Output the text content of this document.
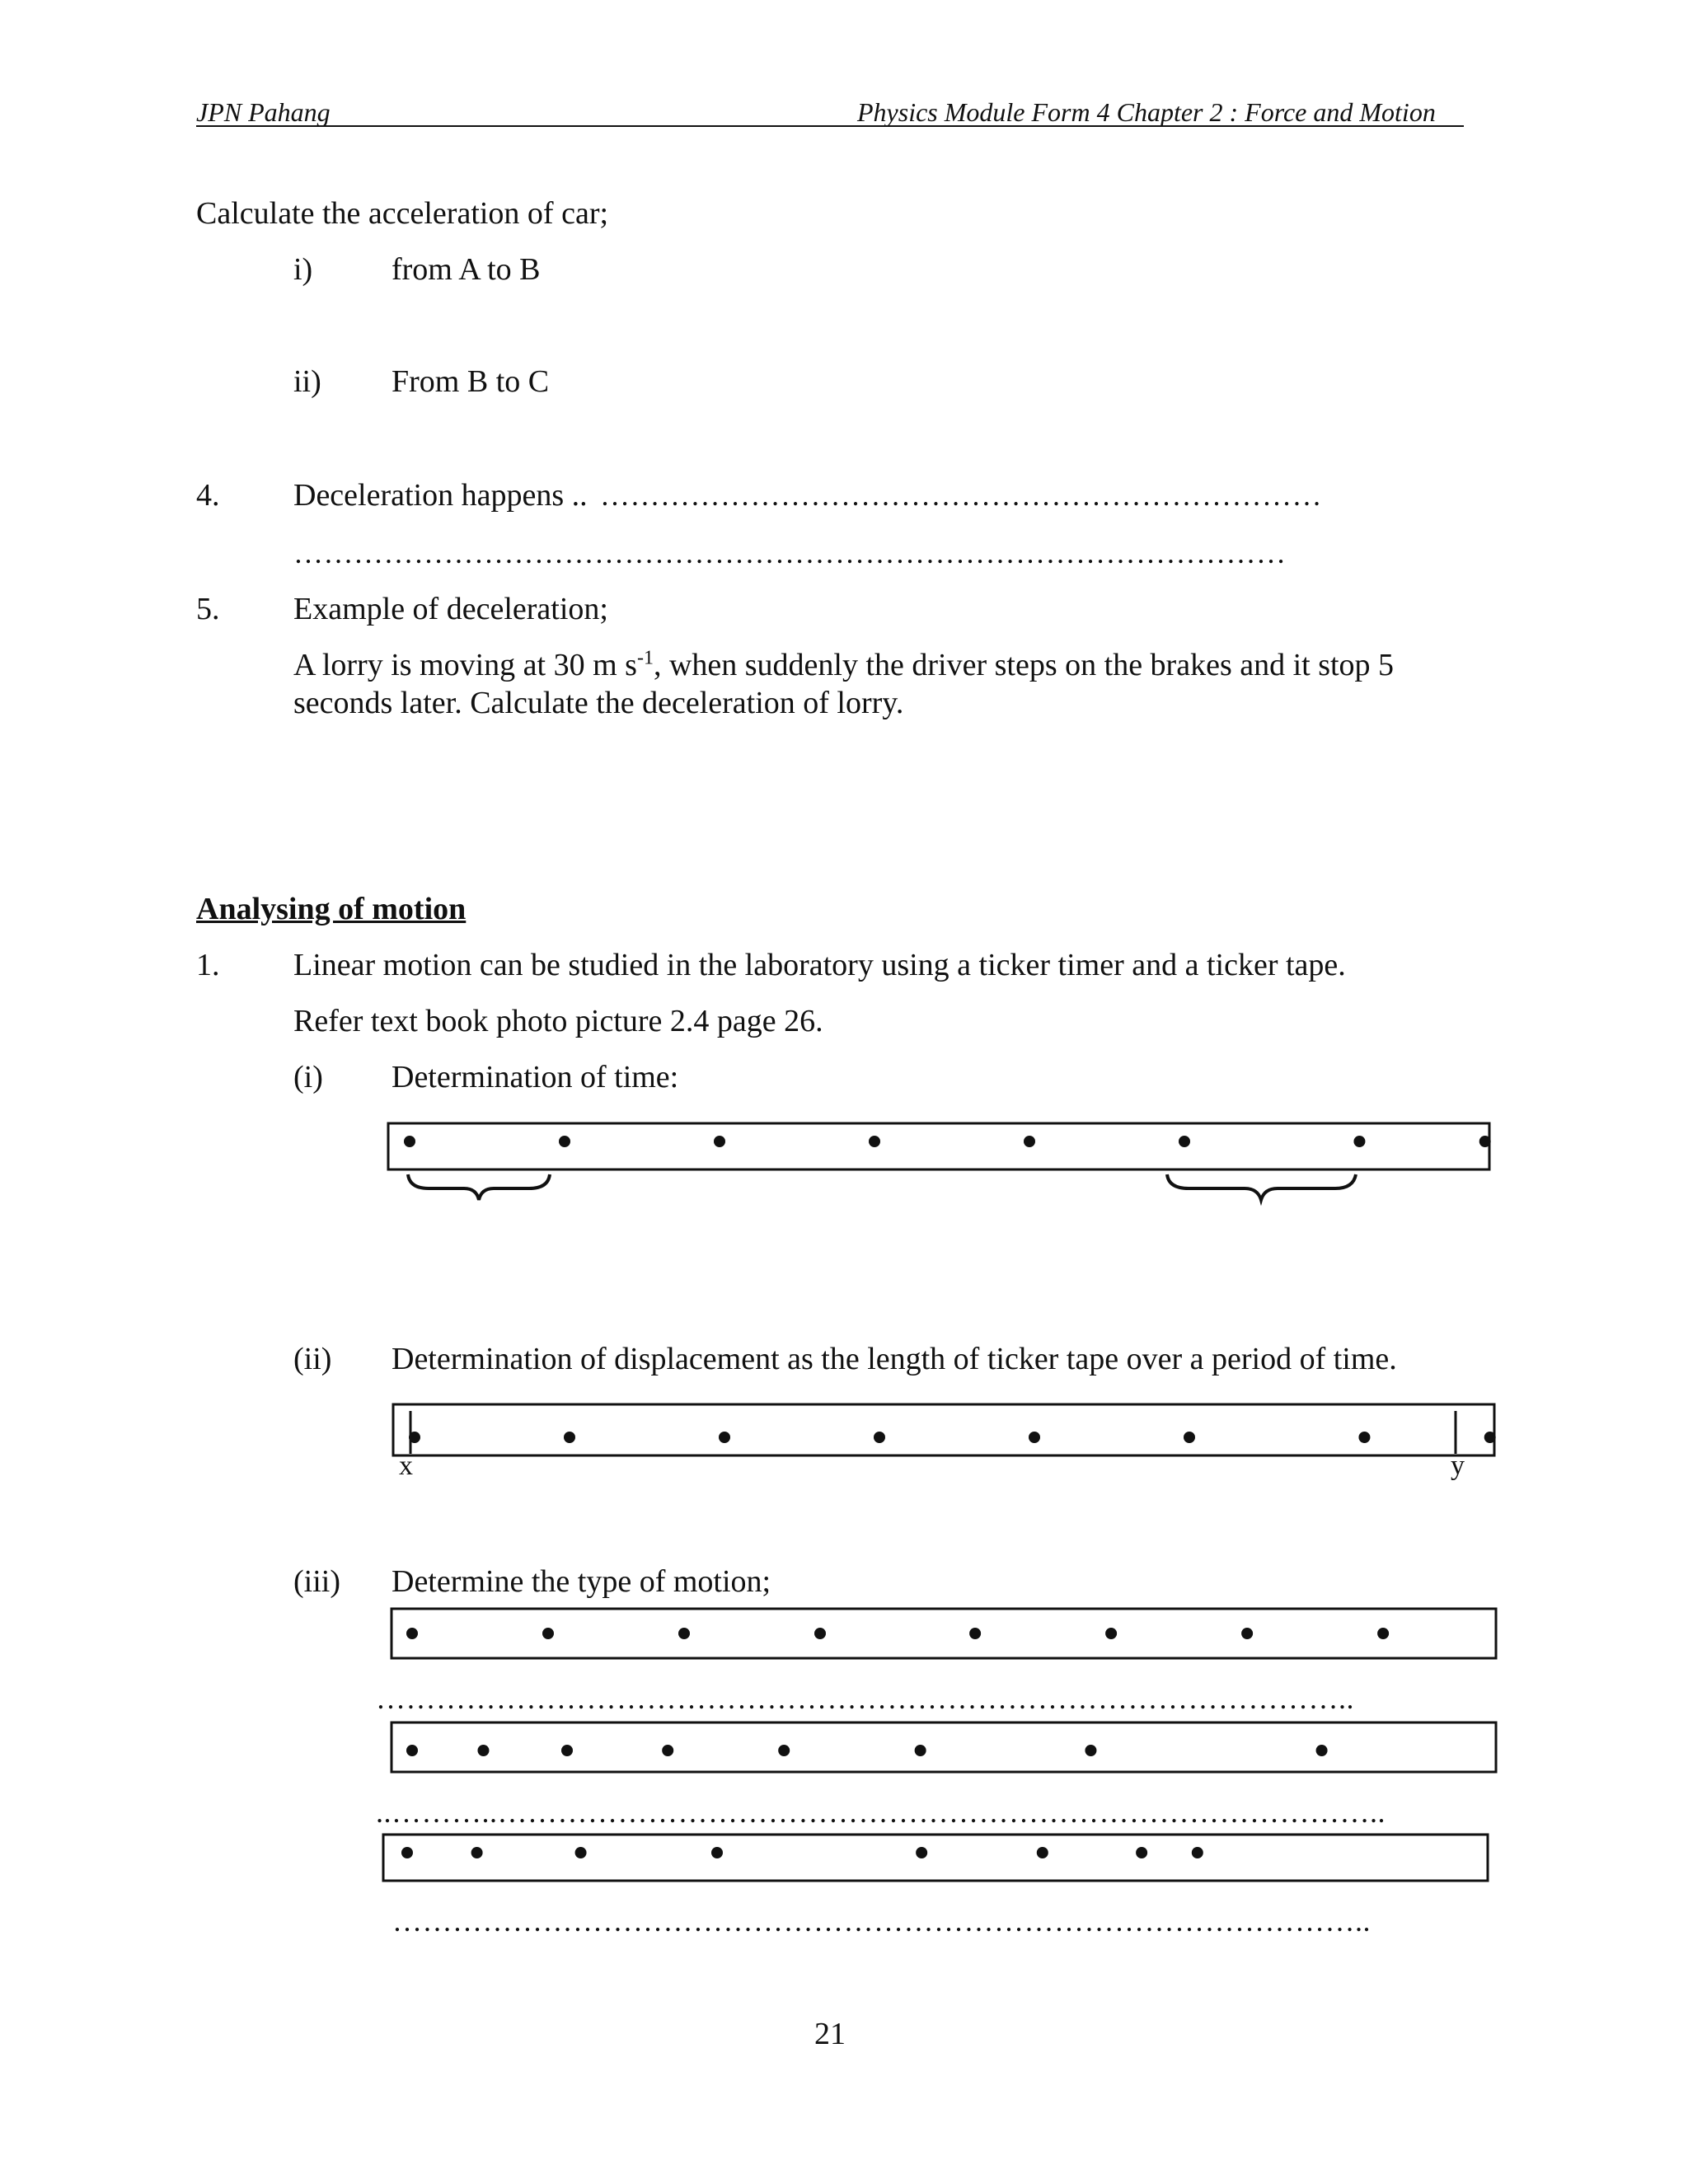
JPN Pahang	Physics Module Form 4 Chapter 2 : Force and Motion
Calculate the acceleration of car;
i)	from A to B
ii) From B to C
4. Deceleration happens .. ………………………………………………………………
………………………………………………………………………………………
5. Example of deceleration;
A lorry is moving at 30 m $s^{-1}$, when suddenly the driver steps on the brakes and it stop 5
seconds later. Calculate the deceleration of lorry.
Analysing of motion
1. Linear motion can be studied in the laboratory using a ticker timer and a ticker tape.
Refer text book photo picture 2.4 page 26.
(i) Determination of time:
(ii) Determination of displacement as the length of ticker tape over a period of time.
x	y
(iii) Determine the type of motion;
……………………………………………………………………………………..
..………..……………………………………………………………………………..
……………………………………………………………………………………..
21
